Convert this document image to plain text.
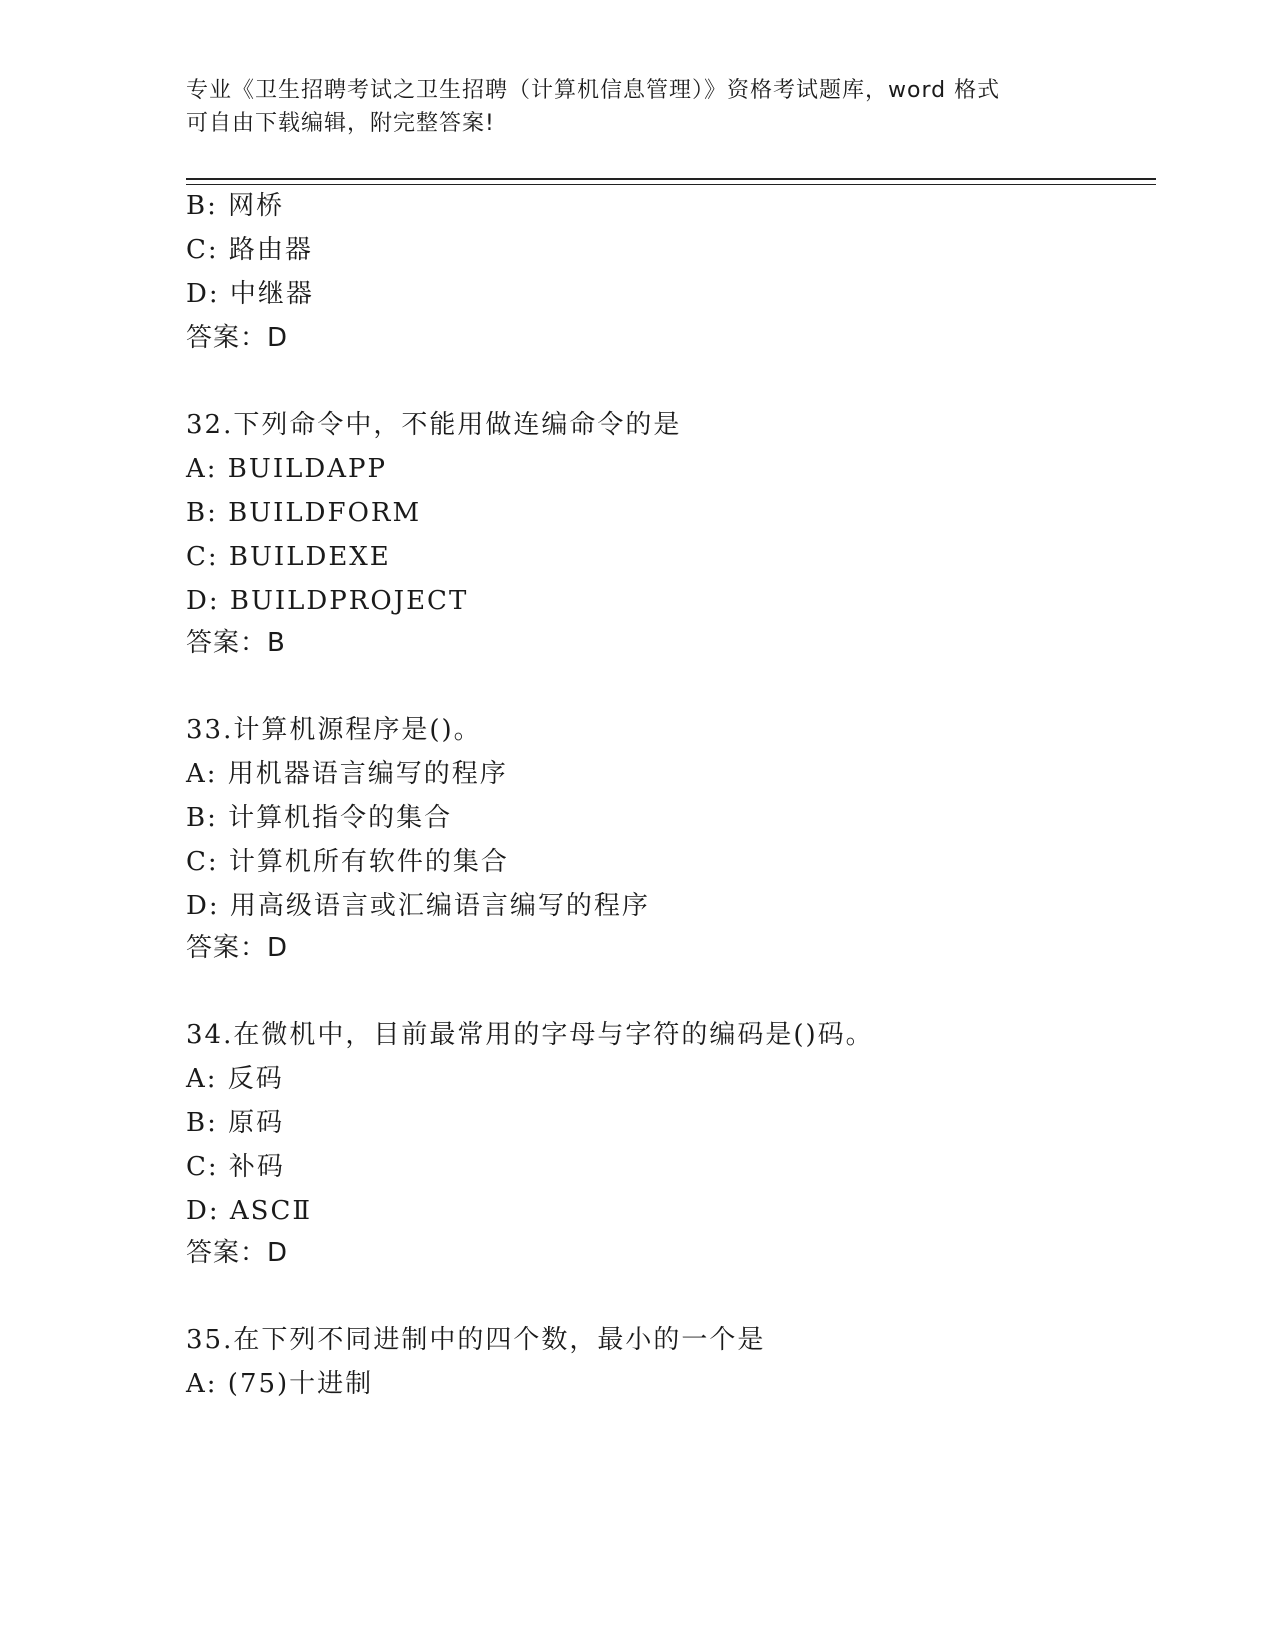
专业《卫生招聘考试之卫生招聘（计算机信息管理）》资格考试题库，word 格式
可自由下载编辑，附完整答案!
B: 网桥
C: 路由器
D: 中继器
答案：D
32.下列命令中，不能用做连编命令的是
A: BUILDAPP
B: BUILDFORM
C: BUILDEXE
D: BUILDPROJECT
答案：B
33.计算机源程序是()。
A: 用机器语言编写的程序
B: 计算机指令的集合
C: 计算机所有软件的集合
D: 用高级语言或汇编语言编写的程序
答案：D
34.在微机中，目前最常用的字母与字符的编码是()码。
A: 反码
B: 原码
C: 补码
D: ASCⅡ
答案：D
35.在下列不同进制中的四个数，最小的一个是
A: (75)十进制
